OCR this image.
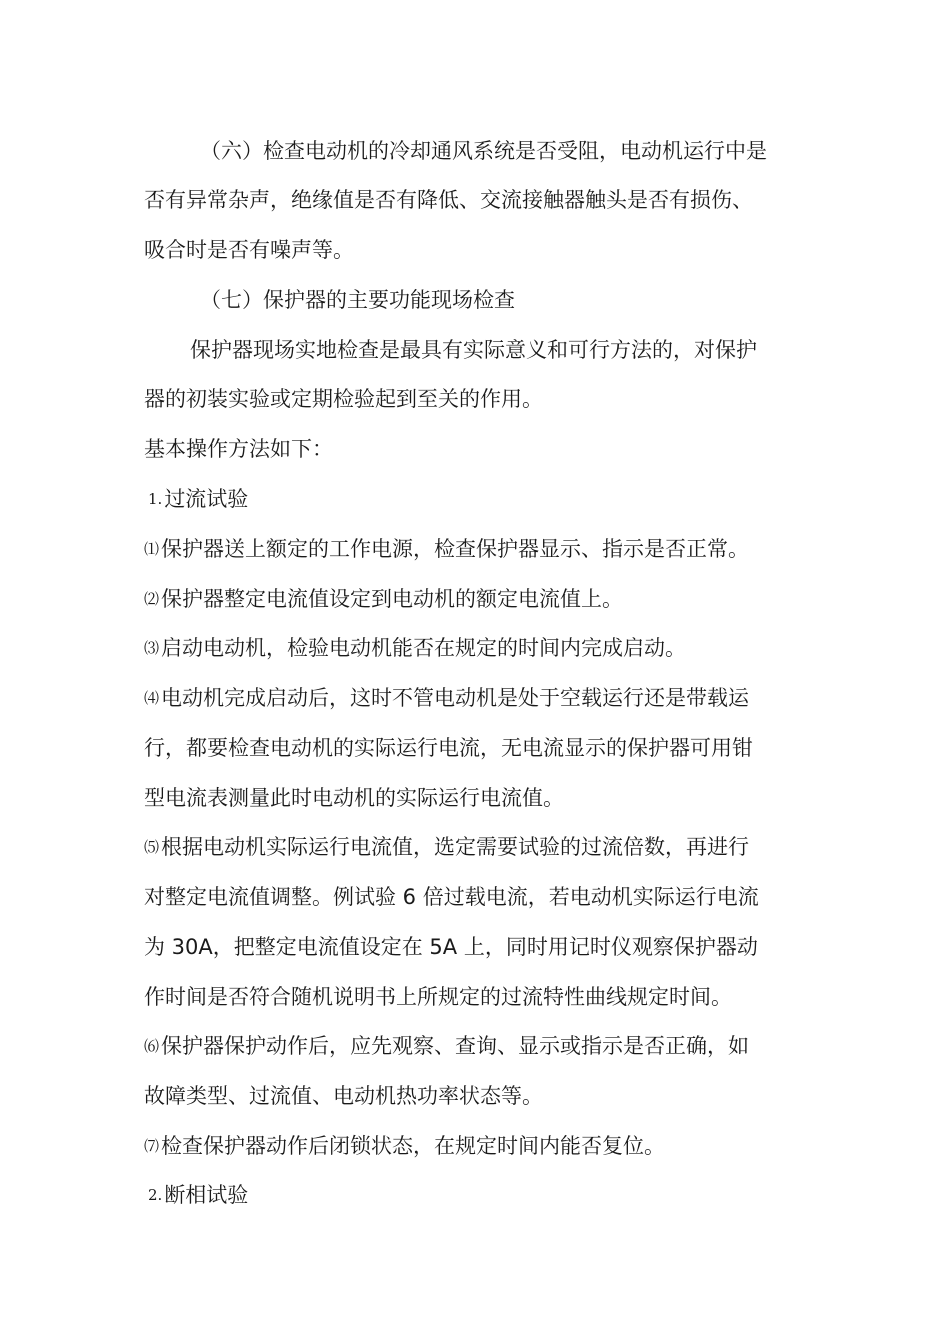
（六）检查电动机的冷却通风系统是否受阻，电动机运行中是
否有异常杂声，绝缘值是否有降低、交流接触器触头是否有损伤、
吸合时是否有噪声等。
（七）保护器的主要功能现场检查
保护器现场实地检查是最具有实际意义和可行方法的，对保护
器的初装实验或定期检验起到至关的作用。
基本操作方法如下：
1.过流试验
⑴保护器送上额定的工作电源，检查保护器显示、指示是否正常。
⑵保护器整定电流值设定到电动机的额定电流值上。
⑶启动电动机，检验电动机能否在规定的时间内完成启动。
⑷电动机完成启动后，这时不管电动机是处于空载运行还是带载运
行，都要检查电动机的实际运行电流，无电流显示的保护器可用钳
型电流表测量此时电动机的实际运行电流值。
⑸根据电动机实际运行电流值，选定需要试验的过流倍数，再进行
对整定电流值调整。例试验 6 倍过载电流，若电动机实际运行电流
为 30A，把整定电流值设定在 5A 上，同时用记时仪观察保护器动
作时间是否符合随机说明书上所规定的过流特性曲线规定时间。
⑹保护器保护动作后，应先观察、查询、显示或指示是否正确，如
故障类型、过流值、电动机热功率状态等。
⑺检查保护器动作后闭锁状态，在规定时间内能否复位。
2.断相试验
